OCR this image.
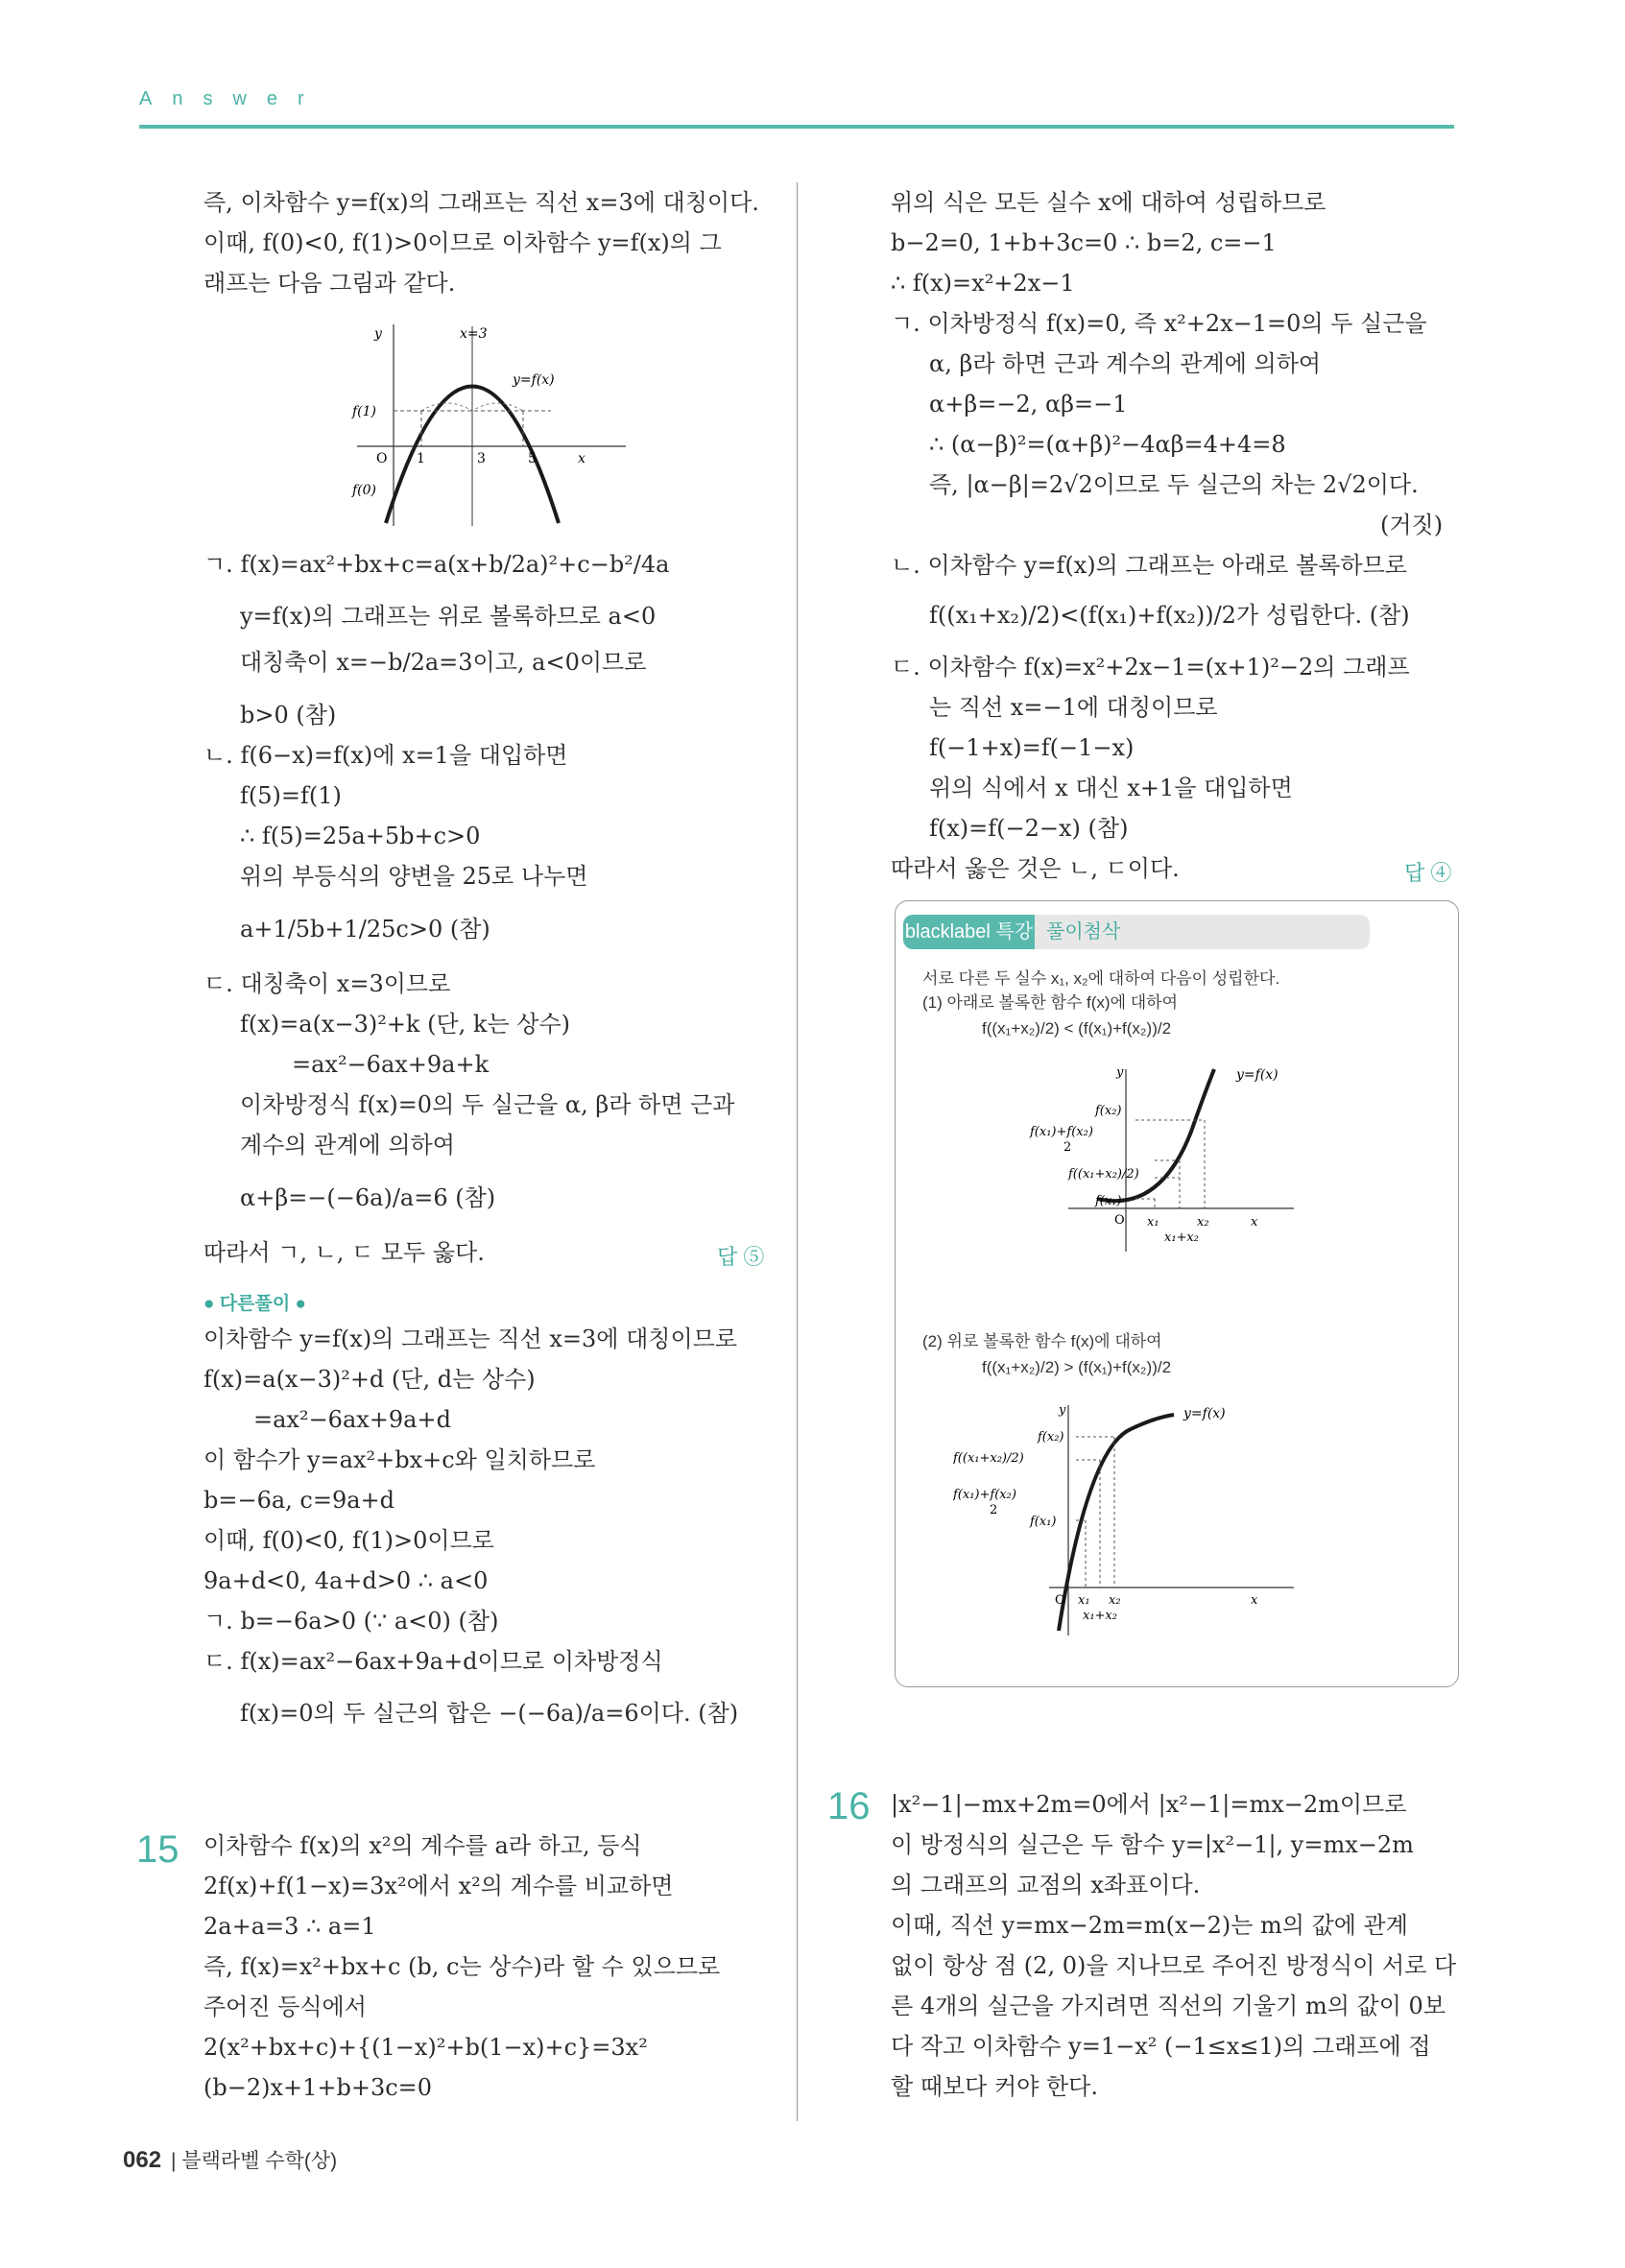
Answer
즉, 이차함수 y=f(x)의 그래프는 직선 x=3에 대칭이다.
이때, f(0)<0, f(1)>0이므로 이차함수 y=f(x)의 그
래프는 다음 그림과 같다.
y	x=3
y=f(x)
f(1)
O 1	3	5	x
f(0)
ㄱ. f(x)=ax²+bx+c=a(x+b/2a)²+c−b²/4a
y=f(x)의 그래프는 위로 볼록하므로 a<0
대칭축이 x=−b/2a=3이고, a<0이므로
b>0 (참)
ㄴ. f(6−x)=f(x)에 x=1을 대입하면
f(5)=f(1)
∴ f(5)=25a+5b+c>0
위의 부등식의 양변을 25로 나누면
a+1/5b+1/25c>0 (참)
ㄷ. 대칭축이 x=3이므로
f(x)=a(x−3)²+k (단, k는 상수)
=ax²−6ax+9a+k
이차방정식 f(x)=0의 두 실근을 α, β라 하면 근과
계수의 관계에 의하여
α+β=−(−6a)/a=6 (참)
따라서 ㄱ, ㄴ, ㄷ 모두 옳다.	답 ⑤
● 다른풀이 ●
이차함수 y=f(x)의 그래프는 직선 x=3에 대칭이므로
f(x)=a(x−3)²+d (단, d는 상수)
=ax²−6ax+9a+d
이 함수가 y=ax²+bx+c와 일치하므로
b=−6a, c=9a+d
이때, f(0)<0, f(1)>0이므로
9a+d<0, 4a+d>0 ∴ a<0
ㄱ. b=−6a>0 (∵ a<0) (참)
ㄷ. f(x)=ax²−6ax+9a+d이므로 이차방정식
f(x)=0의 두 실근의 합은 −(−6a)/a=6이다. (참)
15 이차함수 f(x)의 x²의 계수를 a라 하고, 등식
2f(x)+f(1−x)=3x²에서 x²의 계수를 비교하면
2a+a=3 ∴ a=1
즉, f(x)=x²+bx+c (b, c는 상수)라 할 수 있으므로
주어진 등식에서
2(x²+bx+c)+{(1−x)²+b(1−x)+c}=3x²
(b−2)x+1+b+3c=0
위의 식은 모든 실수 x에 대하여 성립하므로
b−2=0, 1+b+3c=0 ∴ b=2, c=−1
∴ f(x)=x²+2x−1
ㄱ. 이차방정식 f(x)=0, 즉 x²+2x−1=0의 두 실근을
α, β라 하면 근과 계수의 관계에 의하여
α+β=−2, αβ=−1
∴ (α−β)²=(α+β)²−4αβ=4+4=8
즉, |α−β|=2√2이므로 두 실근의 차는 2√2이다.
(거짓)
ㄴ. 이차함수 y=f(x)의 그래프는 아래로 볼록하므로
f((x₁+x₂)/2)<(f(x₁)+f(x₂))/2가 성립한다. (참)
ㄷ. 이차함수 f(x)=x²+2x−1=(x+1)²−2의 그래프
는 직선 x=−1에 대칭이므로
f(−1+x)=f(−1−x)
위의 식에서 x 대신 x+1을 대입하면
f(x)=f(−2−x) (참)
따라서 옳은 것은 ㄴ, ㄷ이다.	답 ④
blacklabel 특강 풀이첨삭
서로 다른 두 실수 x₁, x₂에 대하여 다음이 성립한다.
(1) 아래로 볼록한 함수 f(x)에 대하여
f((x₁+x₂)/2) < (f(x₁)+f(x₂))/2
y=f(x)
y
x
O
f(x₂)
f(x₁)+f(x₂)
2
f((x₁+x₂)/2)
f(x₁)
x₁	x₂
x₁+x₂
(2) 위로 볼록한 함수 f(x)에 대하여
f((x₁+x₂)/2) > (f(x₁)+f(x₂))/2
y=f(x)
y
x
O
f(x₂)
f((x₁+x₂)/2)
f(x₁)+f(x₂)
2
f(x₁)
x₁ x₂
x₁+x₂
16 |x²−1|−mx+2m=0에서 |x²−1|=mx−2m이므로
이 방정식의 실근은 두 함수 y=|x²−1|, y=mx−2m
의 그래프의 교점의 x좌표이다.
이때, 직선 y=mx−2m=m(x−2)는 m의 값에 관계
없이 항상 점 (2, 0)을 지나므로 주어진 방정식이 서로 다
른 4개의 실근을 가지려면 직선의 기울기 m의 값이 0보
다 작고 이차함수 y=1−x² (−1≤x≤1)의 그래프에 접
할 때보다 커야 한다.
062 | 블랙라벨 수학(상)
